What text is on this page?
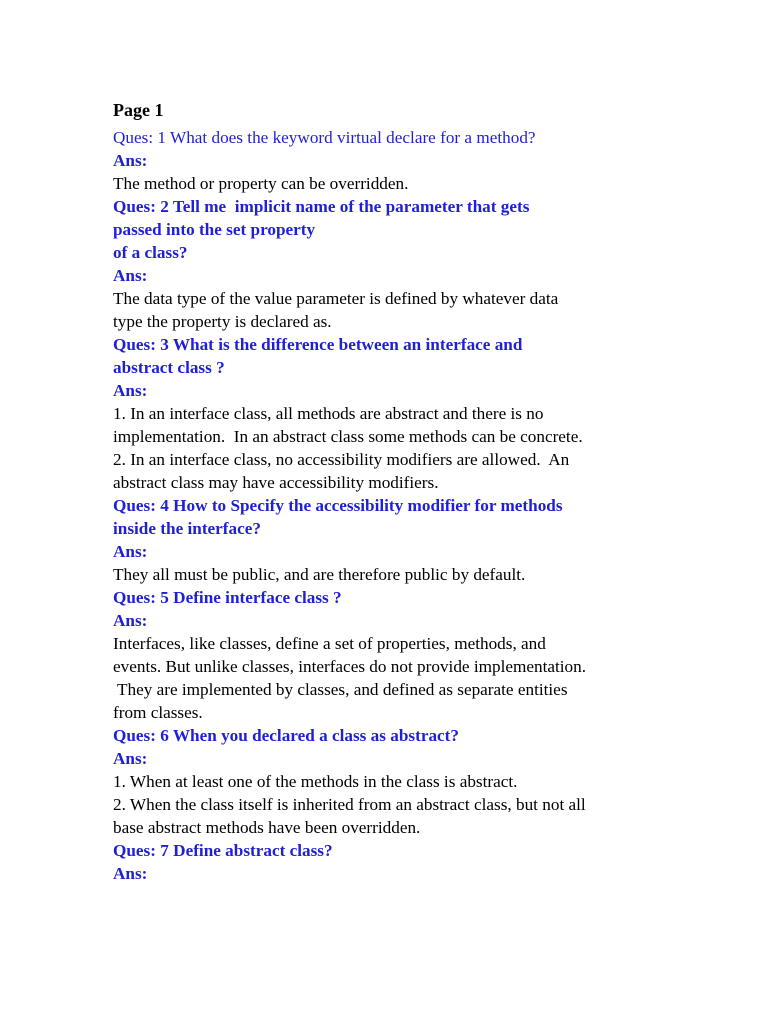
Page 1
Ques: 1 What does the keyword virtual declare for a method?
Ans:
The method or property can be overridden.
Ques: 2 Tell me  implicit name of the parameter that gets
passed into the set property
of a class?
Ans:
The data type of the value parameter is defined by whatever data
type the property is declared as.
Ques: 3 What is the difference between an interface and
abstract class ?
Ans:
1. In an interface class, all methods are abstract and there is no
implementation.  In an abstract class some methods can be concrete.
2. In an interface class, no accessibility modifiers are allowed.  An
abstract class may have accessibility modifiers.
Ques: 4 How to Specify the accessibility modifier for methods
inside the interface?
Ans:
They all must be public, and are therefore public by default.
Ques: 5 Define interface class ?
Ans:
Interfaces, like classes, define a set of properties, methods, and
events. But unlike classes, interfaces do not provide implementation.
They are implemented by classes, and defined as separate entities
from classes.
Ques: 6 When you declared a class as abstract?
Ans:
1. When at least one of the methods in the class is abstract.
2. When the class itself is inherited from an abstract class, but not all
base abstract methods have been overridden.
Ques: 7 Define abstract class?
Ans:
